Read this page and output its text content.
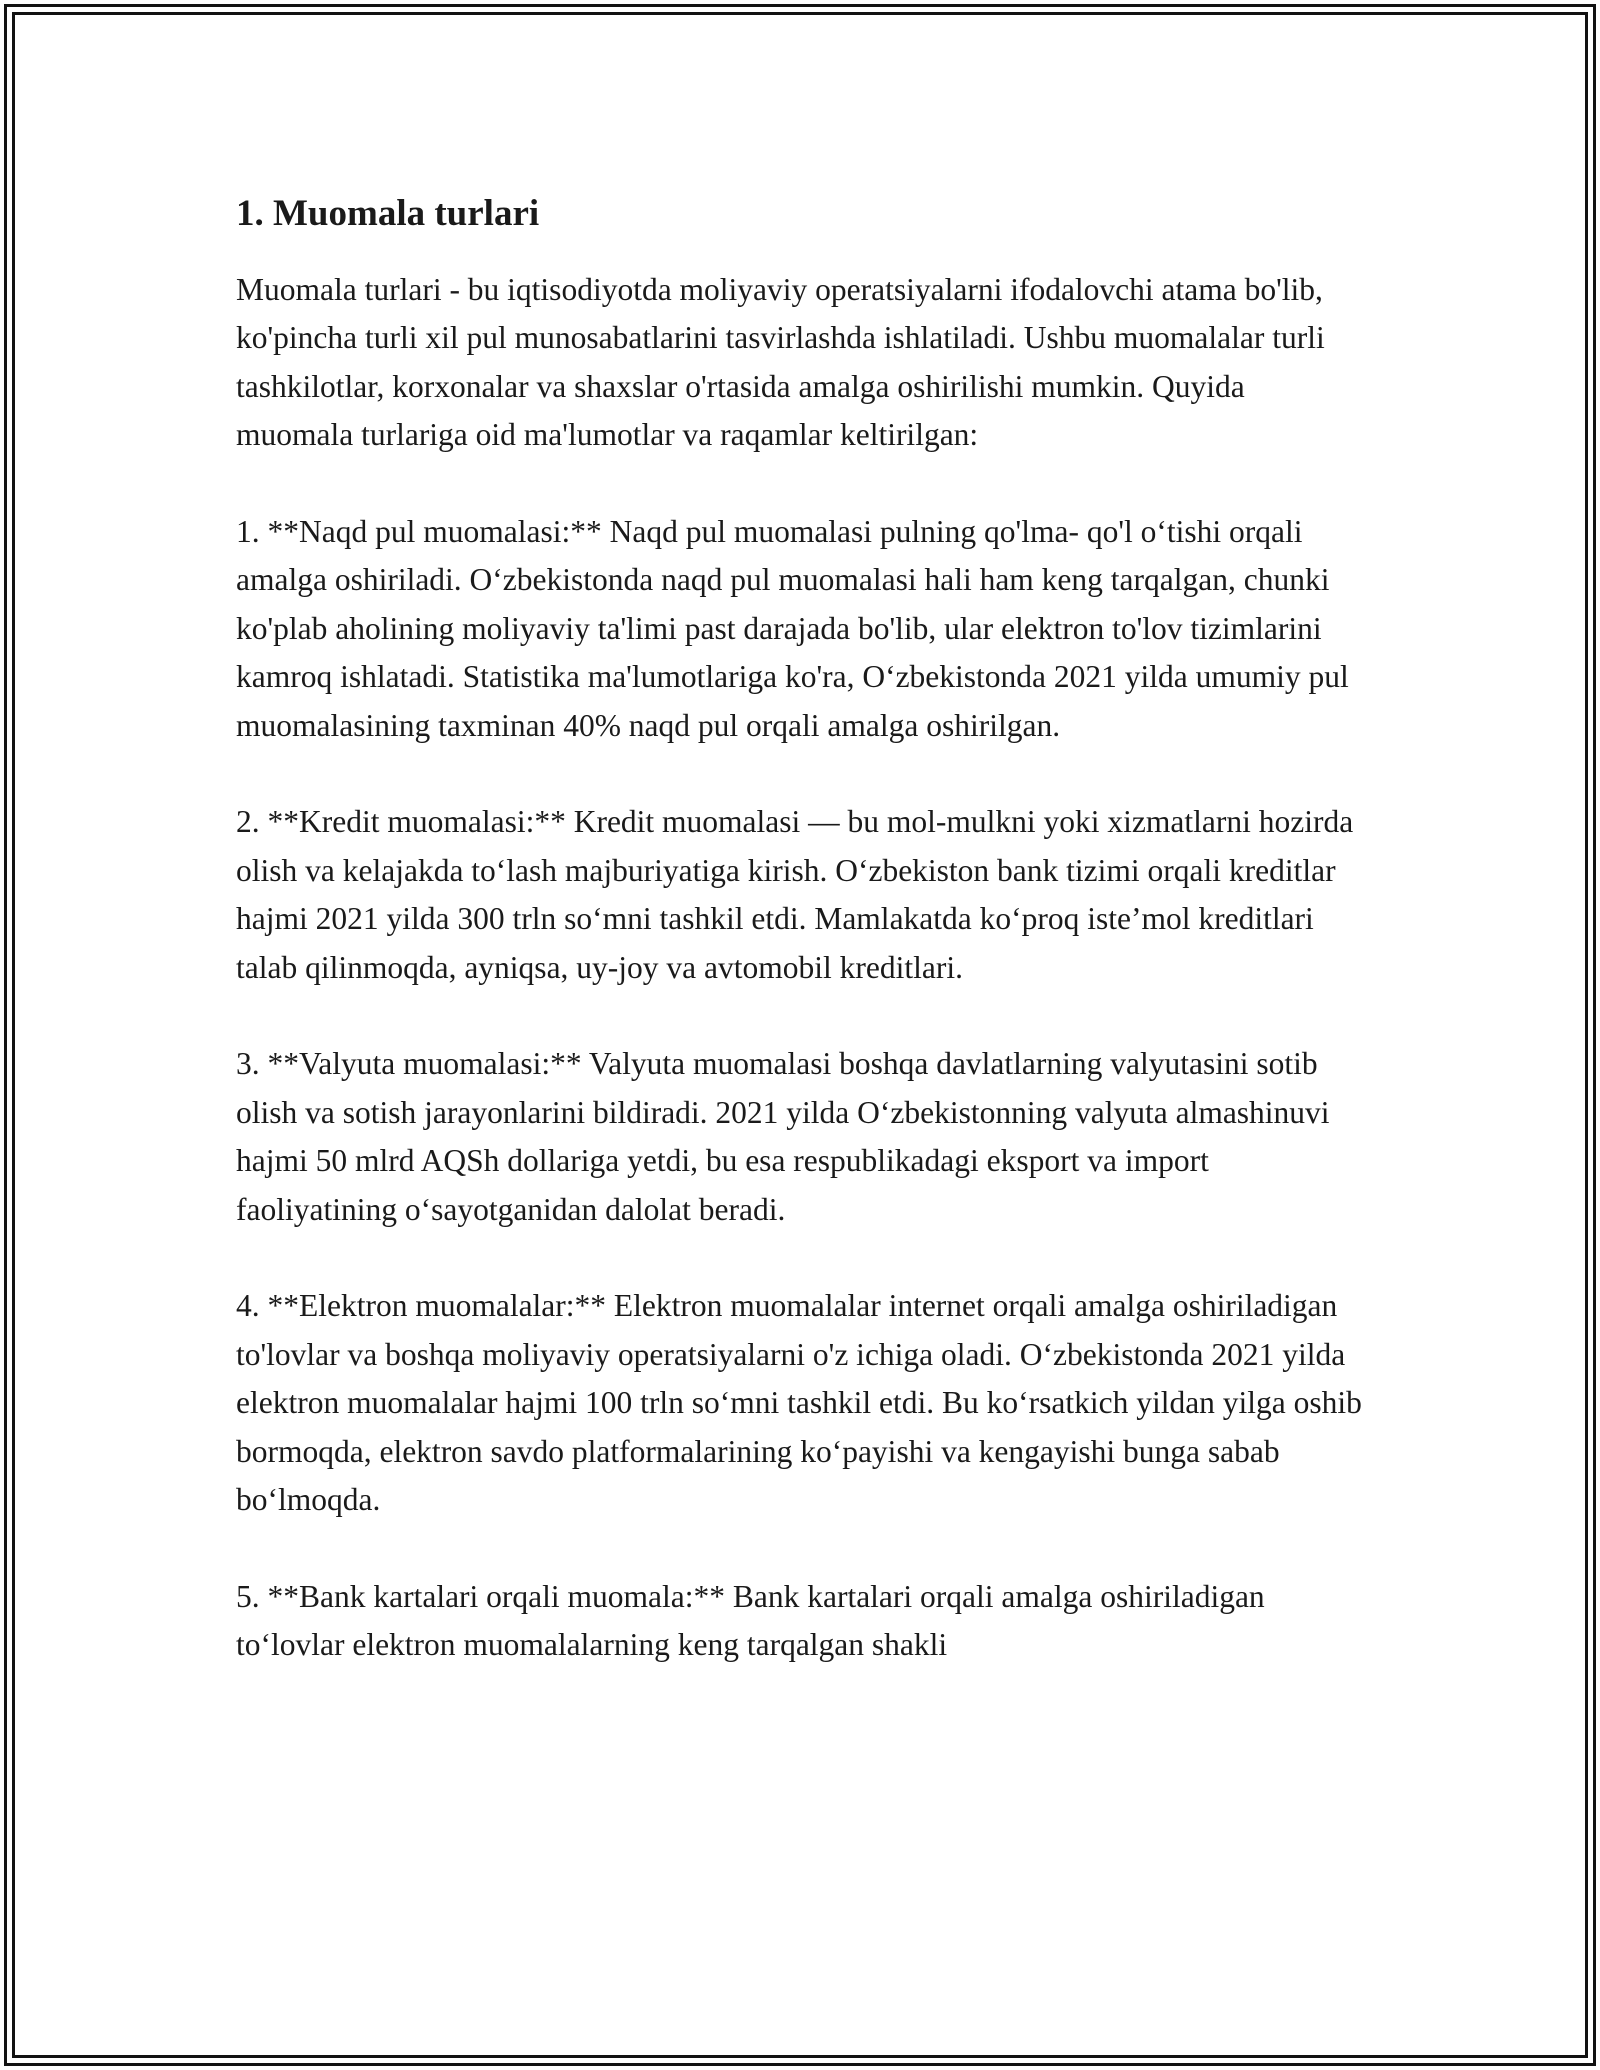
1. Muomala turlari

Muomala turlari - bu iqtisodiyotda moliyaviy operatsiyalarni ifodalovchi atama bo'lib, ko'pincha turli xil pul munosabatlarini tasvirlashda ishlatiladi. Ushbu muomalalar turli tashkilotlar, korxonalar va shaxslar o'rtasida amalga oshirilishi mumkin. Quyida muomala turlariga oid ma'lumotlar va raqamlar keltirilgan:

1. **Naqd pul muomalasi:** Naqd pul muomalasi pulning qo'lma- qo'l o‘tishi orqali amalga oshiriladi. O‘zbekistonda naqd pul muomalasi hali ham keng tarqalgan, chunki ko'plab aholining moliyaviy ta'limi past darajada bo'lib, ular elektron to'lov tizimlarini kamroq ishlatadi. Statistika ma'lumotlariga ko'ra, O‘zbekistonda 2021 yilda umumiy pul muomalasining taxminan 40% naqd pul orqali amalga oshirilgan.

2. **Kredit muomalasi:** Kredit muomalasi — bu mol-mulkni yoki xizmatlarni hozirda olish va kelajakda to‘lash majburiyatiga kirish. O‘zbekiston bank tizimi orqali kreditlar hajmi 2021 yilda 300 trln so‘mni tashkil etdi. Mamlakatda ko‘proq iste’mol kreditlari talab qilinmoqda, ayniqsa, uy-joy va avtomobil kreditlari.

3. **Valyuta muomalasi:** Valyuta muomalasi boshqa davlatlarning valyutasini sotib olish va sotish jarayonlarini bildiradi. 2021 yilda O‘zbekistonning valyuta almashinuvi hajmi 50 mlrd AQSh dollariga yetdi, bu esa respublikadagi eksport va import faoliyatining o‘sayotganidan dalolat beradi.

4. **Elektron muomalalar:** Elektron muomalalar internet orqali amalga oshiriladigan to'lovlar va boshqa moliyaviy operatsiyalarni o'z ichiga oladi. O‘zbekistonda 2021 yilda elektron muomalalar hajmi 100 trln so‘mni tashkil etdi. Bu ko‘rsatkich yildan yilga oshib bormoqda, elektron savdo platformalarining ko‘payishi va kengayishi bunga sabab bo‘lmoqda.

5. **Bank kartalari orqali muomala:** Bank kartalari orqali amalga oshiriladigan to‘lovlar elektron muomalalarning keng tarqalgan shakli
